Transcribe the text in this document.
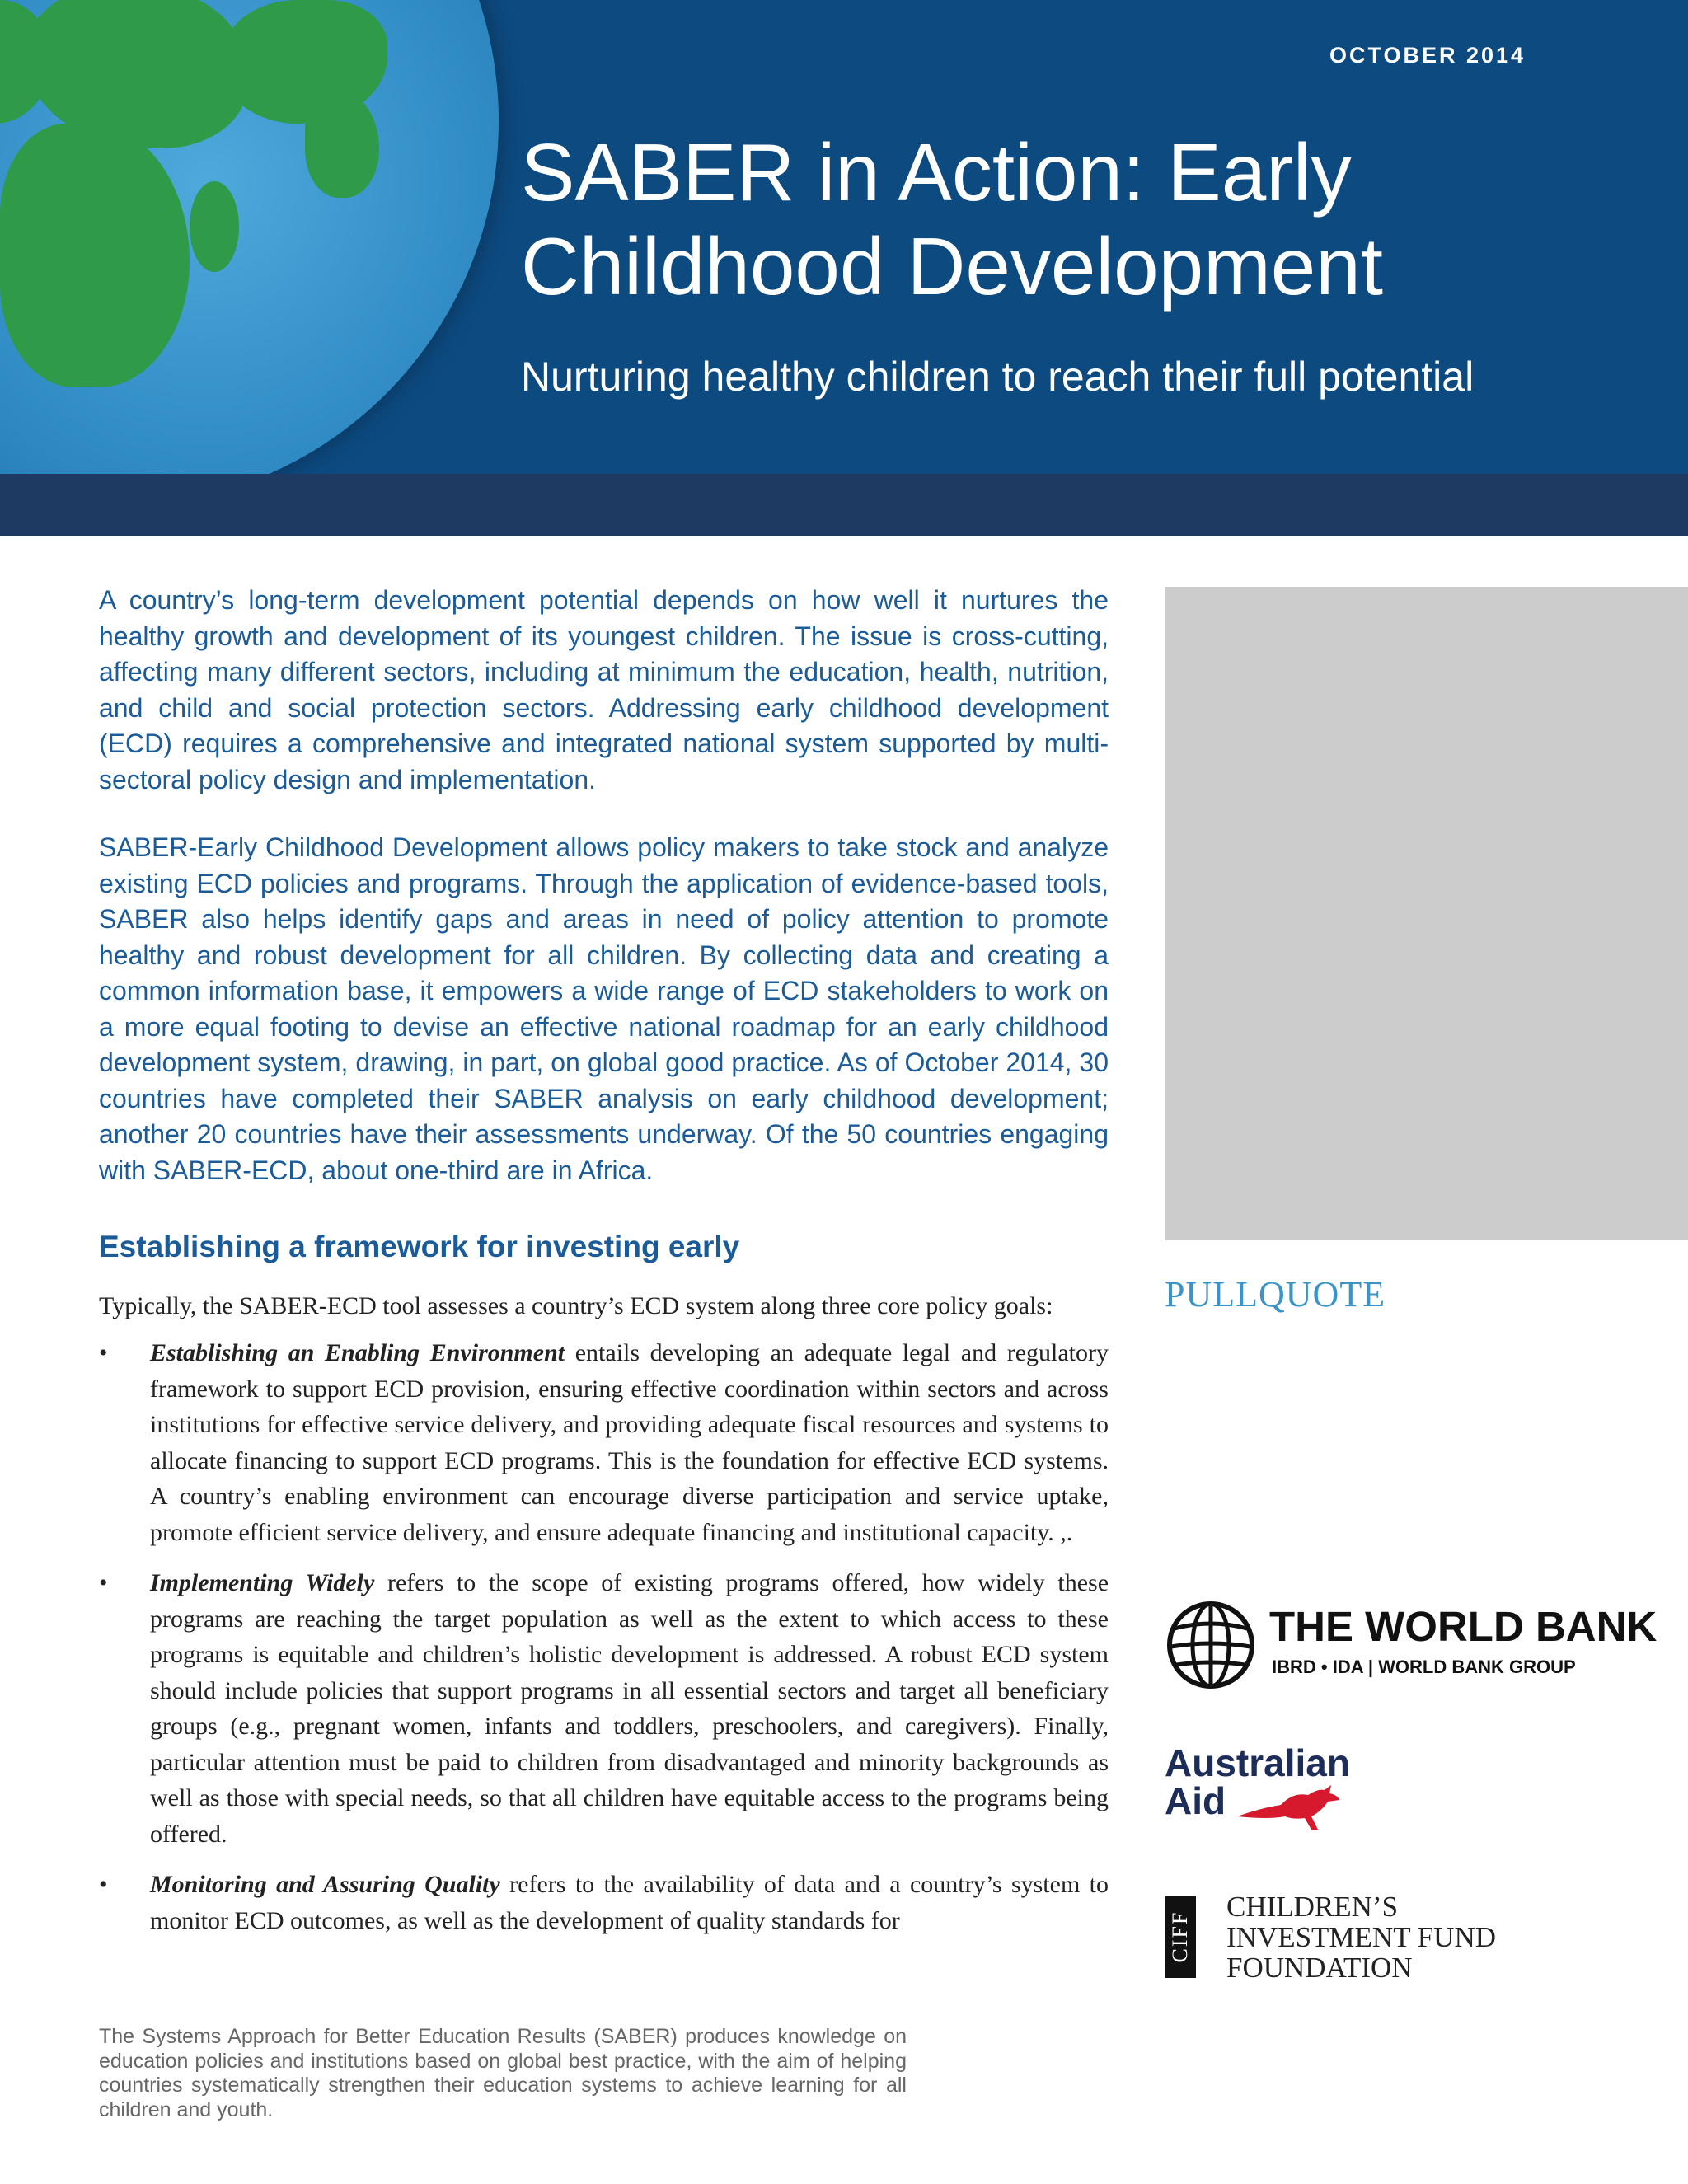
OCTOBER 2014
SABER in Action: Early Childhood Development

Nurturing healthy children to reach their full potential

A country’s long-term development potential depends on how well it nurtures the healthy growth and development of its youngest children. The issue is cross-cutting, affecting many different sectors, including at minimum the education, health, nutrition, and child and social protection sectors. Addressing early childhood development (ECD) requires a comprehensive and integrated national system supported by multi-sectoral policy design and implementation.

SABER-Early Childhood Development allows policy makers to take stock and analyze existing ECD policies and programs. Through the application of evidence-based tools, SABER also helps identify gaps and areas in need of policy attention to promote healthy and robust development for all children. By collecting data and creating a common information base, it empowers a wide range of ECD stakeholders to work on a more equal footing to devise an effective national roadmap for an early childhood development system, drawing, in part, on global good practice. As of October 2014, 30 countries have completed their SABER analysis on early childhood development; another 20 countries have their assessments underway. Of the 50 countries engaging with SABER-ECD, about one-third are in Africa.

Establishing a framework for investing early

Typically, the SABER-ECD tool assesses a country’s ECD system along three core policy goals:

• Establishing an Enabling Environment entails developing an adequate legal and regulatory framework to support ECD provision, ensuring effective coordination within sectors and across institutions for effective service delivery, and providing adequate fiscal resources and systems to allocate financing to support ECD programs. This is the foundation for effective ECD systems. A country’s enabling environment can encourage diverse participation and service uptake, promote efficient service delivery, and ensure adequate financing and institutional capacity. ,.
• Implementing Widely refers to the scope of existing programs offered, how widely these programs are reaching the target population as well as the extent to which access to these programs is equitable and children’s holistic development is addressed. A robust ECD system should include policies that support programs in all essential sectors and target all beneficiary groups (e.g., pregnant women, infants and toddlers, preschoolers, and caregivers). Finally, particular attention must be paid to children from disadvantaged and minority backgrounds as well as those with special needs, so that all children have equitable access to the programs being offered.
• Monitoring and Assuring Quality refers to the availability of data and a country’s system to monitor ECD outcomes, as well as the development of quality standards for

The Systems Approach for Better Education Results (SABER) produces knowledge on education policies and institutions based on global best practice, with the aim of helping countries systematically strengthen their education systems to achieve learning for all children and youth.

PULLQUOTE
THE WORLD BANK
IBRD • IDA | WORLD BANK GROUP
Australian
Aid
CIFF
CHILDREN’S
INVESTMENT FUND
FOUNDATION
